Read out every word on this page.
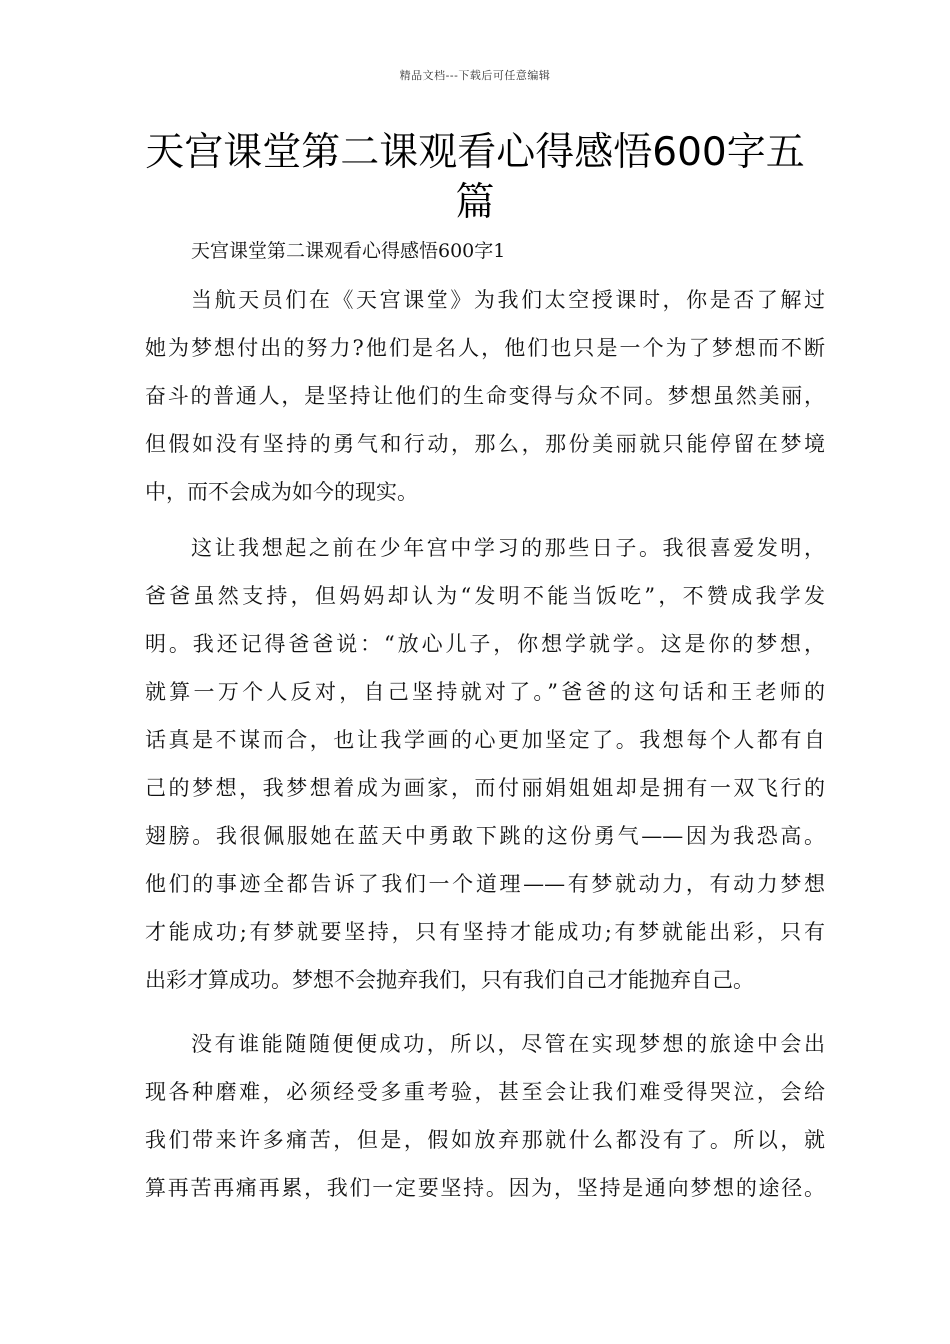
精品文档---下载后可任意编辑
天宫课堂第二课观看心得感悟600字五
篇
天宫课堂第二课观看心得感悟600字1
当航天员们在《天宫课堂》为我们太空授课时，你是否了解过
她为梦想付出的努力?他们是名人，他们也只是一个为了梦想而不断
奋斗的普通人，是坚持让他们的生命变得与众不同。梦想虽然美丽，
但假如没有坚持的勇气和行动，那么，那份美丽就只能停留在梦境
中，而不会成为如今的现实。
这让我想起之前在少年宫中学习的那些日子。我很喜爱发明，
爸爸虽然支持，但妈妈却认为“发明不能当饭吃”，不赞成我学发
明。我还记得爸爸说：“放心儿子，你想学就学。这是你的梦想，
就算一万个人反对，自己坚持就对了。”爸爸的这句话和王老师的
话真是不谋而合，也让我学画的心更加坚定了。我想每个人都有自
己的梦想，我梦想着成为画家，而付丽娟姐姐却是拥有一双飞行的
翅膀。我很佩服她在蓝天中勇敢下跳的这份勇气——因为我恐高。
他们的事迹全都告诉了我们一个道理——有梦就动力，有动力梦想
才能成功;有梦就要坚持，只有坚持才能成功;有梦就能出彩，只有
出彩才算成功。梦想不会抛弃我们，只有我们自己才能抛弃自己。
没有谁能随随便便成功，所以，尽管在实现梦想的旅途中会出
现各种磨难，必须经受多重考验，甚至会让我们难受得哭泣，会给
我们带来许多痛苦，但是，假如放弃那就什么都没有了。所以，就
算再苦再痛再累，我们一定要坚持。因为，坚持是通向梦想的途径。
